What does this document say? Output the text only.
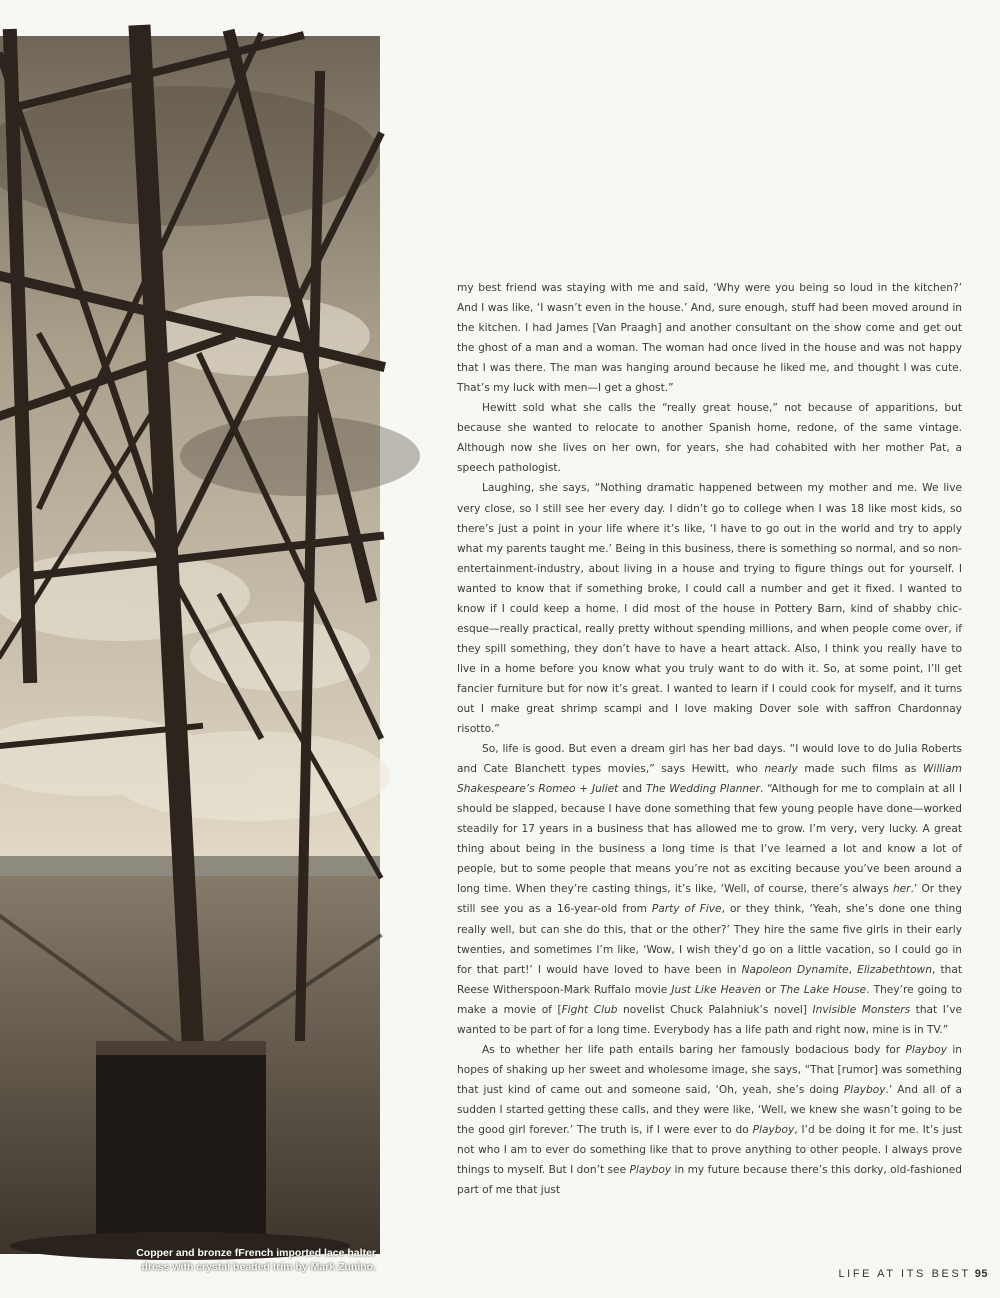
Copper and bronze fFrench imported lace halter
dress with crystal beaded trim by Mark Zunino.

my best friend was staying with me and said, ‘Why were you being so loud in the kitchen?’ And I was like, ‘I wasn’t even in the house.’ And, sure enough, stuff had been moved around in the kitchen. I had James [Van Praagh] and another consultant on the show come and get out the ghost of a man and a woman. The woman had once lived in the house and was not happy that I was there. The man was hanging around because he liked me, and thought I was cute. That’s my luck with men—I get a ghost.”

Hewitt sold what she calls the “really great house,” not because of apparitions, but because she wanted to relocate to another Spanish home, redone, of the same vintage. Although now she lives on her own, for years, she had cohabited with her mother Pat, a speech pathologist.

Laughing, she says, “Nothing dramatic happened between my mother and me. We live very close, so I still see her every day. I didn’t go to college when I was 18 like most kids, so there’s just a point in your life where it’s like, ‘I have to go out in the world and try to apply what my parents taught me.’ Being in this business, there is something so normal, and so non-entertainment-industry, about living in a house and trying to figure things out for yourself. I wanted to know that if something broke, I could call a number and get it fixed. I wanted to know if I could keep a home. I did most of the house in Pottery Barn, kind of shabby chic-esque—really practical, really pretty without spending millions, and when people come over, if they spill something, they don’t have to have a heart attack. Also, I think you really have to live in a home before you know what you truly want to do with it. So, at some point, I’ll get fancier furniture but for now it’s great. I wanted to learn if I could cook for myself, and it turns out I make great shrimp scampi and I love making Dover sole with saffron Chardonnay risotto.”

So, life is good. But even a dream girl has her bad days. “I would love to do Julia Roberts and Cate Blanchett types movies,” says Hewitt, who nearly made such films as William Shakespeare’s Romeo + Juliet and The Wedding Planner. “Although for me to complain at all I should be slapped, because I have done something that few young people have done—worked steadily for 17 years in a business that has allowed me to grow. I’m very, very lucky. A great thing about being in the business a long time is that I’ve learned a lot and know a lot of people, but to some people that means you’re not as exciting because you’ve been around a long time. When they’re casting things, it’s like, ‘Well, of course, there’s always her.’ Or they still see you as a 16-year-old from Party of Five, or they think, ‘Yeah, she’s done one thing really well, but can she do this, that or the other?’ They hire the same five girls in their early twenties, and sometimes I’m like, ‘Wow, I wish they’d go on a little vacation, so I could go in for that part!’ I would have loved to have been in Napoleon Dynamite, Elizabethtown, that Reese Witherspoon-Mark Ruffalo movie Just Like Heaven or The Lake House. They’re going to make a movie of [Fight Club novelist Chuck Palahniuk’s novel] Invisible Monsters that I’ve wanted to be part of for a long time. Everybody has a life path and right now, mine is in TV.”

As to whether her life path entails baring her famously bodacious body for Playboy in hopes of shaking up her sweet and wholesome image, she says, “That [rumor] was something that just kind of came out and someone said, ‘Oh, yeah, she’s doing Playboy.’ And all of a sudden I started getting these calls, and they were like, ‘Well, we knew she wasn’t going to be the good girl forever.’ The truth is, if I were ever to do Playboy, I’d be doing it for me. It’s just not who I am to ever do something like that to prove anything to other people. I always prove things to myself. But I don’t see Playboy in my future because there’s this dorky, old-fashioned part of me that just

LIFE AT ITS BEST 95
